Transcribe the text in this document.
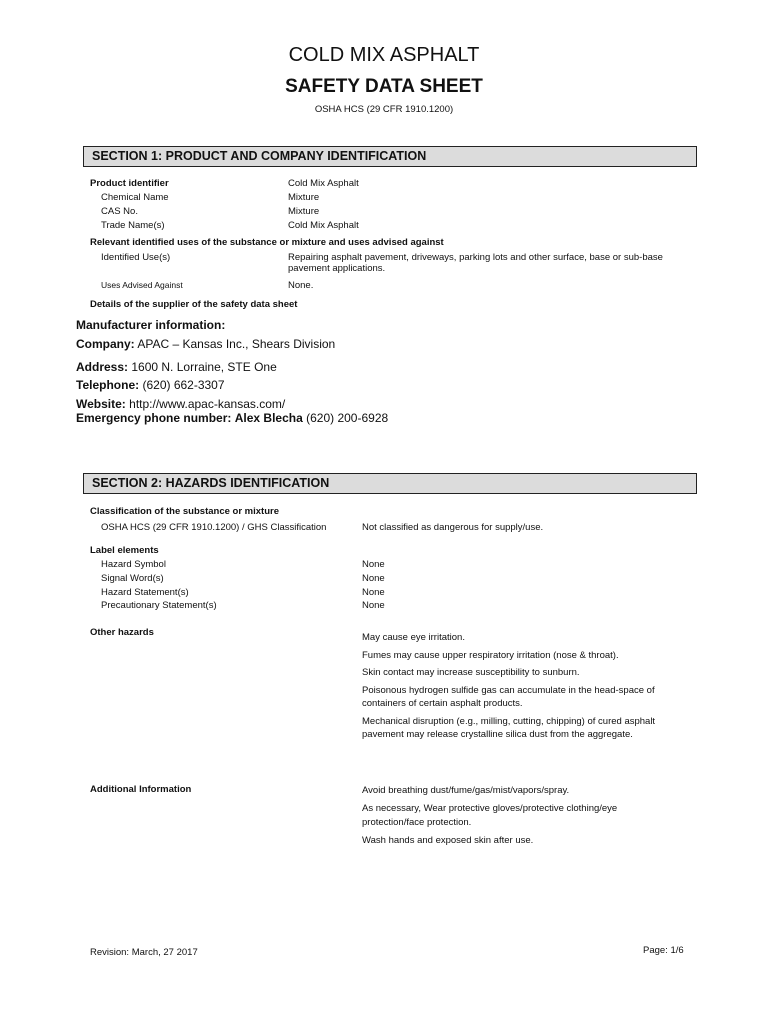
COLD MIX ASPHALT
SAFETY DATA SHEET
OSHA HCS (29 CFR 1910.1200)
SECTION 1: PRODUCT AND COMPANY IDENTIFICATION
Product identifier	Cold Mix Asphalt
Chemical Name	Mixture
CAS No.	Mixture
Trade Name(s)	Cold Mix Asphalt
Relevant identified uses of the substance or mixture and uses advised against
Identified Use(s)	Repairing asphalt pavement, driveways, parking lots and other surface, base or sub-base pavement applications.
Uses Advised Against	None.
Details of the supplier of the safety data sheet
Manufacturer information:
Company: APAC – Kansas Inc., Shears Division
Address: 1600 N. Lorraine, STE One
Telephone: (620) 662-3307
Website: http://www.apac-kansas.com/
Emergency phone number: Alex Blecha (620) 200-6928
SECTION 2: HAZARDS IDENTIFICATION
Classification of the substance or mixture
OSHA HCS (29 CFR 1910.1200) / GHS Classification	Not classified as dangerous for supply/use.
Label elements
Hazard Symbol	None
Signal Word(s)	None
Hazard Statement(s)	None
Precautionary Statement(s)	None
Other hazards	May cause eye irritation.
Fumes may cause upper respiratory irritation (nose & throat).
Skin contact may increase susceptibility to sunburn.
Poisonous hydrogen sulfide gas can accumulate in the head-space of containers of certain asphalt products.
Mechanical disruption (e.g., milling, cutting, chipping) of cured asphalt pavement may release crystalline silica dust from the aggregate.
Additional Information	Avoid breathing dust/fume/gas/mist/vapors/spray.
As necessary, Wear protective gloves/protective clothing/eye protection/face protection.
Wash hands and exposed skin after use.
Revision: March, 27 2017	Page: 1/6
